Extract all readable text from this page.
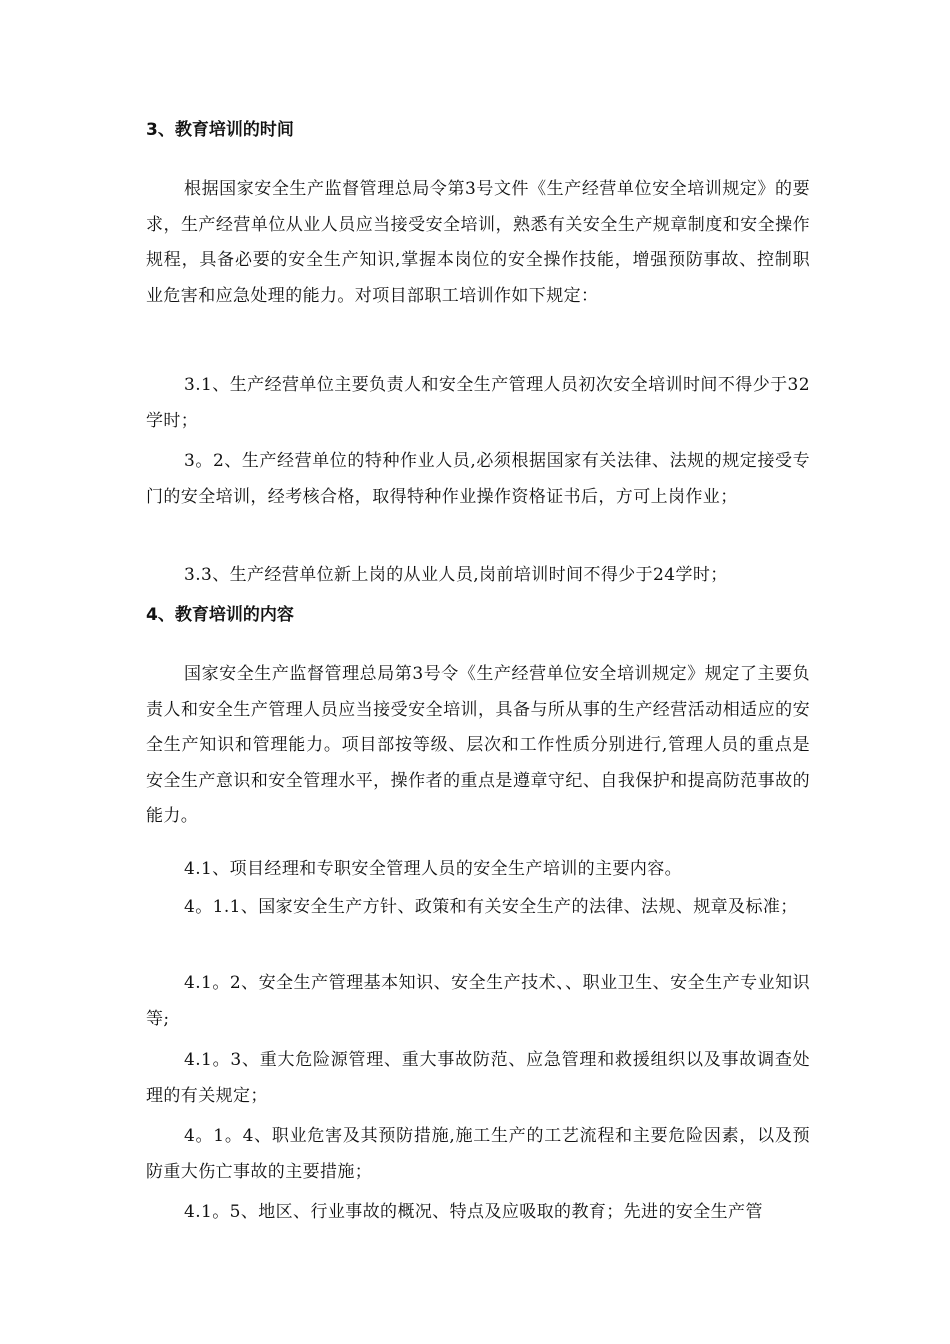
3、教育培训的时间
根据国家安全生产监督管理总局令第3号文件《生产经营单位安全培训规定》的要求，生产经营单位从业人员应当接受安全培训，熟悉有关安全生产规章制度和安全操作规程，具备必要的安全生产知识,掌握本岗位的安全操作技能，增强预防事故、控制职业危害和应急处理的能力。对项目部职工培训作如下规定：
3.1、生产经营单位主要负责人和安全生产管理人员初次安全培训时间不得少于32学时；
3。2、生产经营单位的特种作业人员,必须根据国家有关法律、法规的规定接受专门的安全培训，经考核合格，取得特种作业操作资格证书后，方可上岗作业；
3.3、生产经营单位新上岗的从业人员,岗前培训时间不得少于24学时；
4、教育培训的内容
国家安全生产监督管理总局第3号令《生产经营单位安全培训规定》规定了主要负责人和安全生产管理人员应当接受安全培训，具备与所从事的生产经营活动相适应的安全生产知识和管理能力。项目部按等级、层次和工作性质分别进行,管理人员的重点是安全生产意识和安全管理水平，操作者的重点是遵章守纪、自我保护和提高防范事故的能力。
4.1、项目经理和专职安全管理人员的安全生产培训的主要内容。
4。1.1、国家安全生产方针、政策和有关安全生产的法律、法规、规章及标准；
4.1。2、安全生产管理基本知识、安全生产技术、、职业卫生、安全生产专业知识等;
4.1。3、重大危险源管理、重大事故防范、应急管理和救援组织以及事故调查处理的有关规定；
4。1。4、职业危害及其预防措施,施工生产的工艺流程和主要危险因素，以及预防重大伤亡事故的主要措施；
4.1。5、地区、行业事故的概况、特点及应吸取的教育；先进的安全生产管
